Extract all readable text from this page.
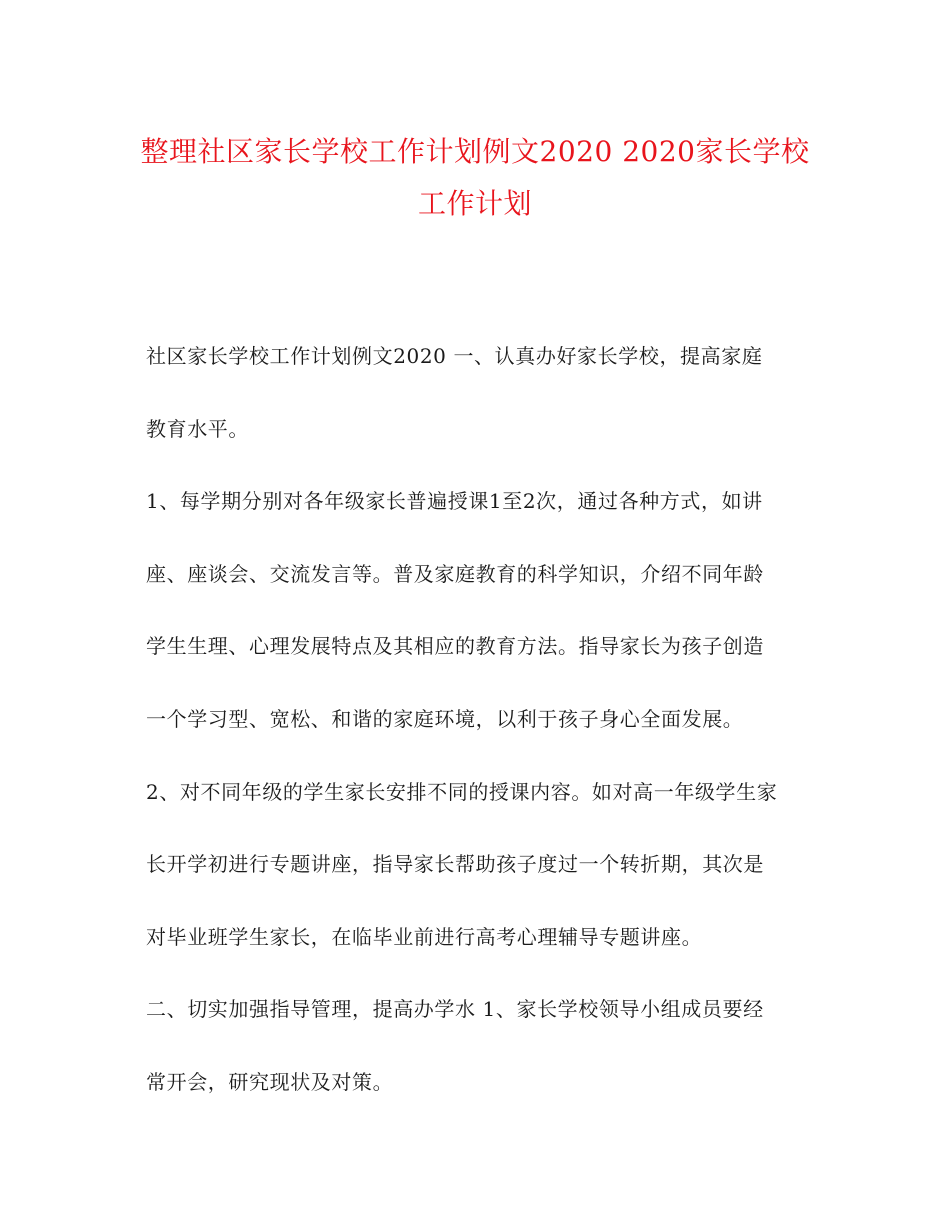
整理社区家长学校工作计划例文2020 2020家长学校
工作计划
社区家长学校工作计划例文2020 一、认真办好家长学校，提高家庭
教育水平。
1、每学期分别对各年级家长普遍授课1至2次，通过各种方式，如讲
座、座谈会、交流发言等。普及家庭教育的科学知识，介绍不同年龄
学生生理、心理发展特点及其相应的教育方法。指导家长为孩子创造
一个学习型、宽松、和谐的家庭环境，以利于孩子身心全面发展。
2、对不同年级的学生家长安排不同的授课内容。如对高一年级学生家
长开学初进行专题讲座，指导家长帮助孩子度过一个转折期，其次是
对毕业班学生家长，在临毕业前进行高考心理辅导专题讲座。
二、切实加强指导管理，提高办学水 1、家长学校领导小组成员要经
常开会，研究现状及对策。
